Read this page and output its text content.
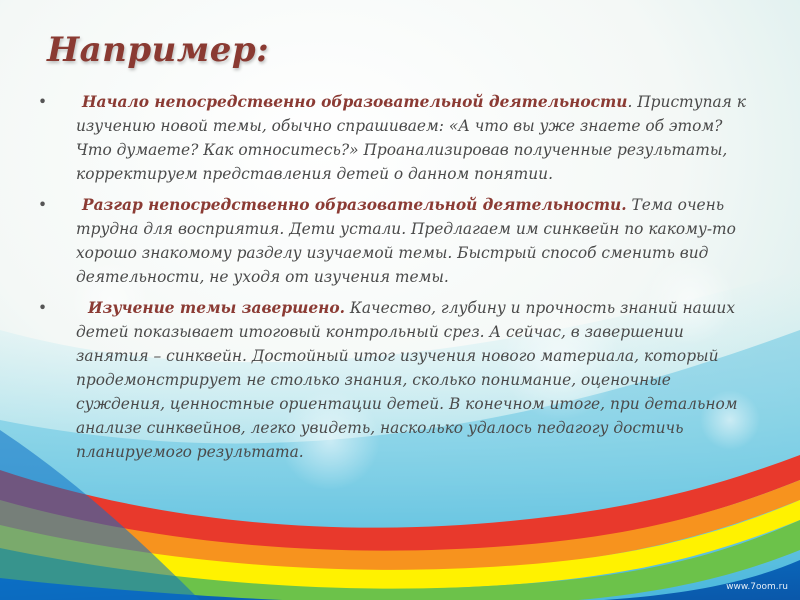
Например:
• Начало непосредственно образовательной деятельности. Приступая к изучению новой темы, обычно спрашиваем: «А что вы уже знаете об этом? Что думаете? Как относитесь?» Проанализировав полученные результаты, корректируем представления детей о данном понятии.
• Разгар непосредственно образовательной деятельности. Тема очень трудна для восприятия. Дети устали. Предлагаем им синквейн по какому-то хорошо знакомому разделу изучаемой темы. Быстрый способ сменить вид деятельности, не уходя от изучения темы.
•	Изучение темы завершено. Качество, глубину и прочность знаний наших детей показывает итоговый контрольный срез. А сейчас, в завершении занятия – синквейн. Достойный итог изучения нового материала, который продемонстрирует не столько знания, сколько понимание, оценочные суждения, ценностные ориентации детей. В конечном итоге, при детальном анализе синквейнов, легко увидеть, насколько удалось педагогу достичь планируемого результата.
www.7oom.ru
